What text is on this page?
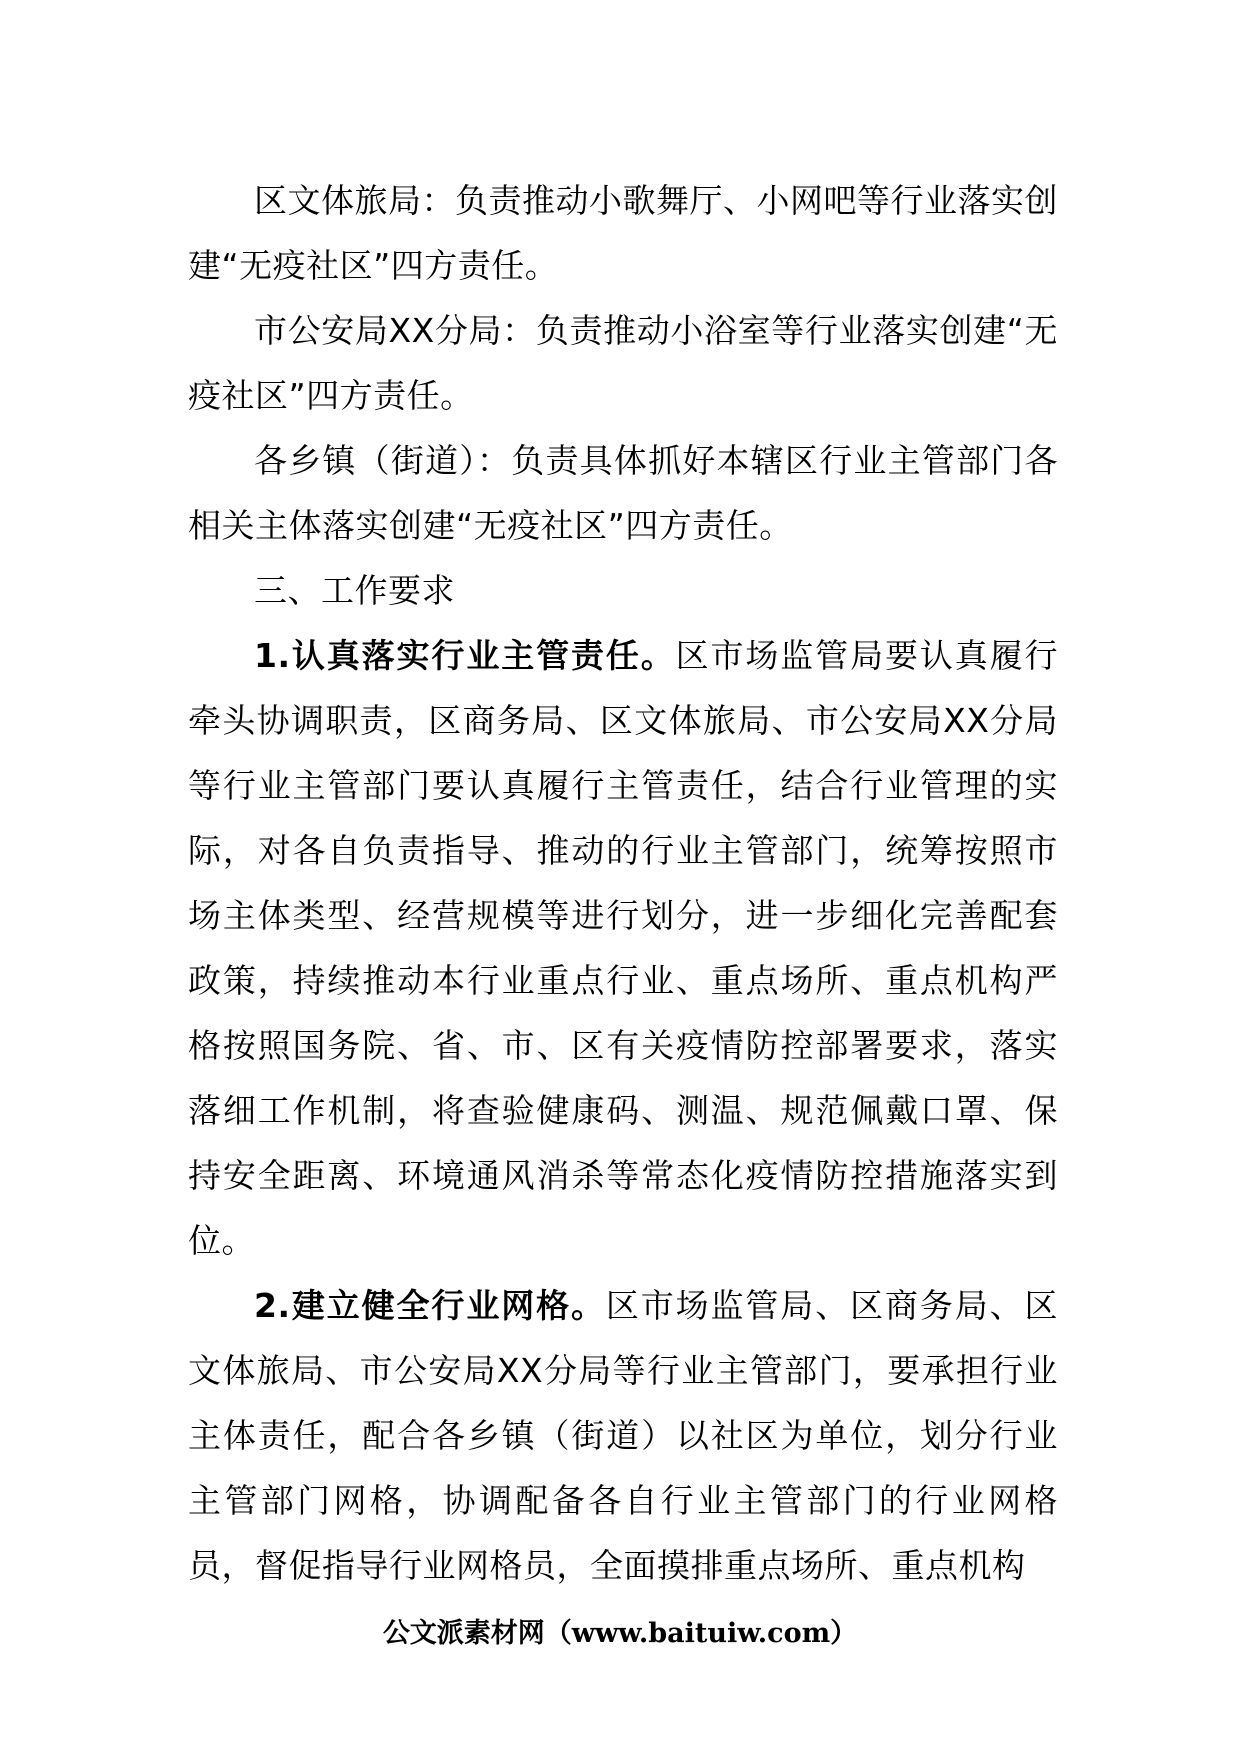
区文体旅局：负责推动小歌舞厅、小网吧等行业落实创建“无疫社区”四方责任。

市公安局XX分局：负责推动小浴室等行业落实创建“无疫社区”四方责任。

各乡镇（街道）：负责具体抓好本辖区行业主管部门各相关主体落实创建“无疫社区”四方责任。

三、工作要求

1.认真落实行业主管责任。区市场监管局要认真履行牵头协调职责，区商务局、区文体旅局、市公安局XX分局等行业主管部门要认真履行主管责任，结合行业管理的实际，对各自负责指导、推动的行业主管部门，统筹按照市场主体类型、经营规模等进行划分，进一步细化完善配套政策，持续推动本行业重点行业、重点场所、重点机构严格按照国务院、省、市、区有关疫情防控部署要求，落实落细工作机制，将查验健康码、测温、规范佩戴口罩、保持安全距离、环境通风消杀等常态化疫情防控措施落实到位。

2.建立健全行业网格。区市场监管局、区商务局、区文体旅局、市公安局XX分局等行业主管部门，要承担行业主体责任，配合各乡镇（街道）以社区为单位，划分行业主管部门网格，协调配备各自行业主管部门的行业网格员，督促指导行业网格员，全面摸排重点场所、重点机构

公文派素材网（www.baituiw.com）
